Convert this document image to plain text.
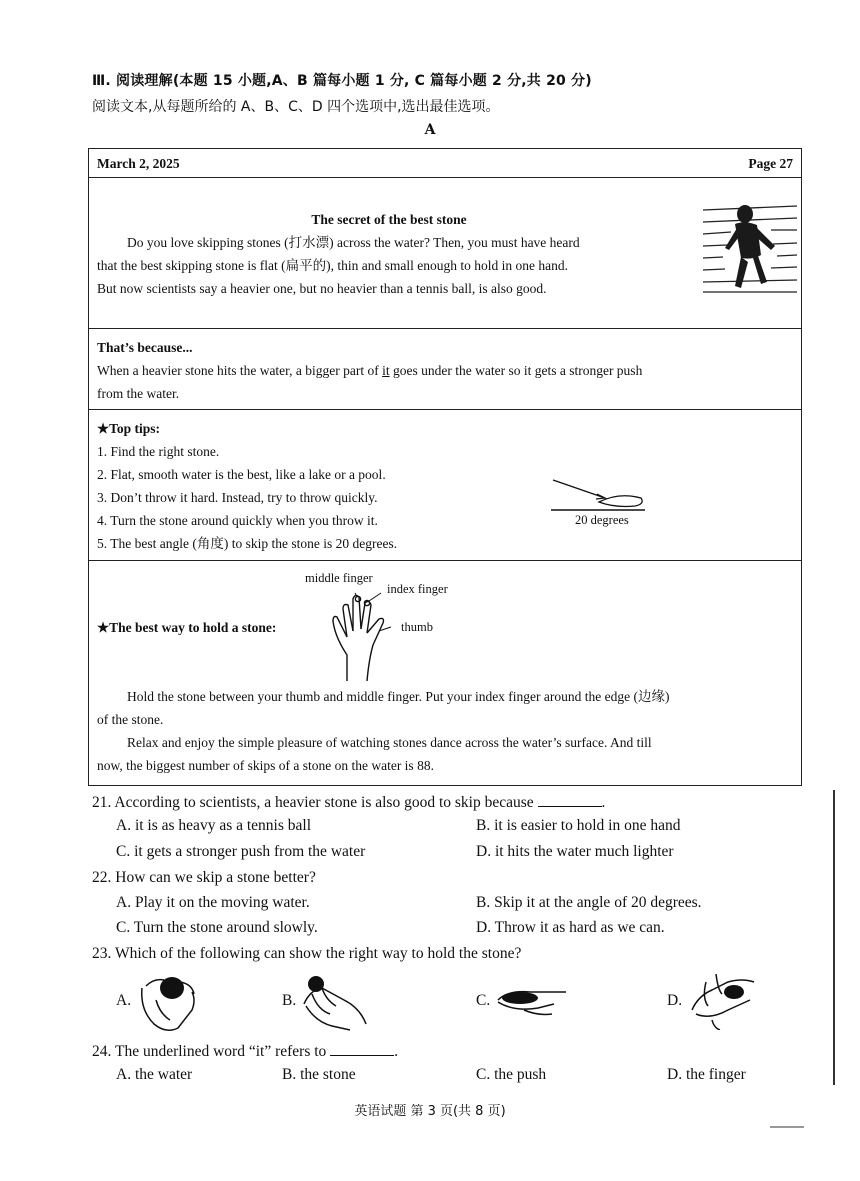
Ⅲ. 阅读理解(本题 15 小题,A、B 篇每小题 1 分, C 篇每小题 2 分,共 20 分)
阅读文本,从每题所给的 A、B、C、D 四个选项中,选出最佳选项。
A
March 2, 2025	Page 27
The secret of the best stone
Do you love skipping stones (打水漂) across the water? Then, you must have heard
that the best skipping stone is flat (扁平的), thin and small enough to hold in one hand.
But now scientists say a heavier one, but no heavier than a tennis ball, is also good.
That’s because...
When a heavier stone hits the water, a bigger part of it goes under the water so it gets a stronger push
from the water.
★Top tips:
1. Find the right stone.
2. Flat, smooth water is the best, like a lake or a pool.
3. Don’t throw it hard. Instead, try to throw quickly.
4. Turn the stone around quickly when you throw it.
5. The best angle (角度) to skip the stone is 20 degrees.
20 degrees
★The best way to hold a stone:
middle finger
index finger
thumb
Hold the stone between your thumb and middle finger. Put your index finger around the edge (边缘)
of the stone.
Relax and enjoy the simple pleasure of watching stones dance across the water’s surface. And till
now, the biggest number of skips of a stone on the water is 88.
21. According to scientists, a heavier stone is also good to skip because	.
A. it is as heavy as a tennis ball	B. it is easier to hold in one hand
C. it gets a stronger push from the water	D. it hits the water much lighter
22. How can we skip a stone better?
A. Play it on the moving water.	B. Skip it at the angle of 20 degrees.
C. Turn the stone around slowly.	D. Throw it as hard as we can.
23. Which of the following can show the right way to hold the stone?
A.	B.	C.	D.
24. The underlined word “it” refers to	.
A. the water	B. the stone	C. the push	D. the finger
英语试题 第 3 页(共 8 页)
